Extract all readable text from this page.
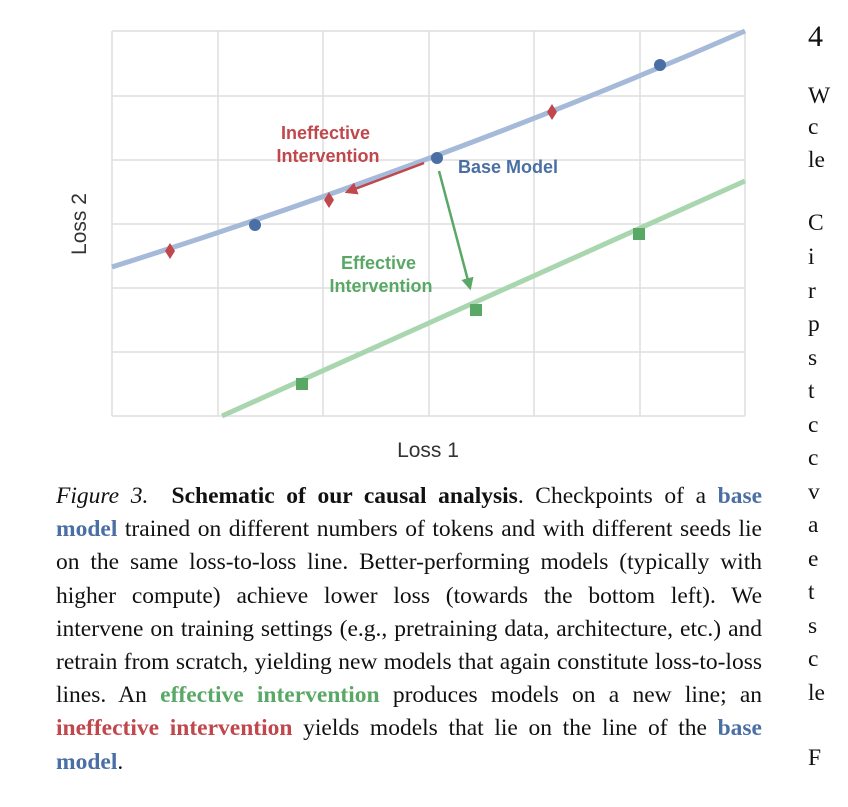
Loss 1
Loss 2
Ineffective Intervention
Base Model
Effective Intervention
Figure 3. Schematic of our causal analysis. Checkpoints of a base model trained on different numbers of tokens and with different seeds lie on the same loss-to-loss line. Better-performing models (typically with higher compute) achieve lower loss (towards the bottom left). We intervene on training settings (e.g., pretraining data, architecture, etc.) and retrain from scratch, yielding new models that again constitute loss-to-loss lines. An effective intervention produces models on a new line; an ineffective intervention yields models that lie on the line of the base model.
4
W
c
le
C
i
r
p
s
t
c
c
v
a
e
t
s
c
le
F
